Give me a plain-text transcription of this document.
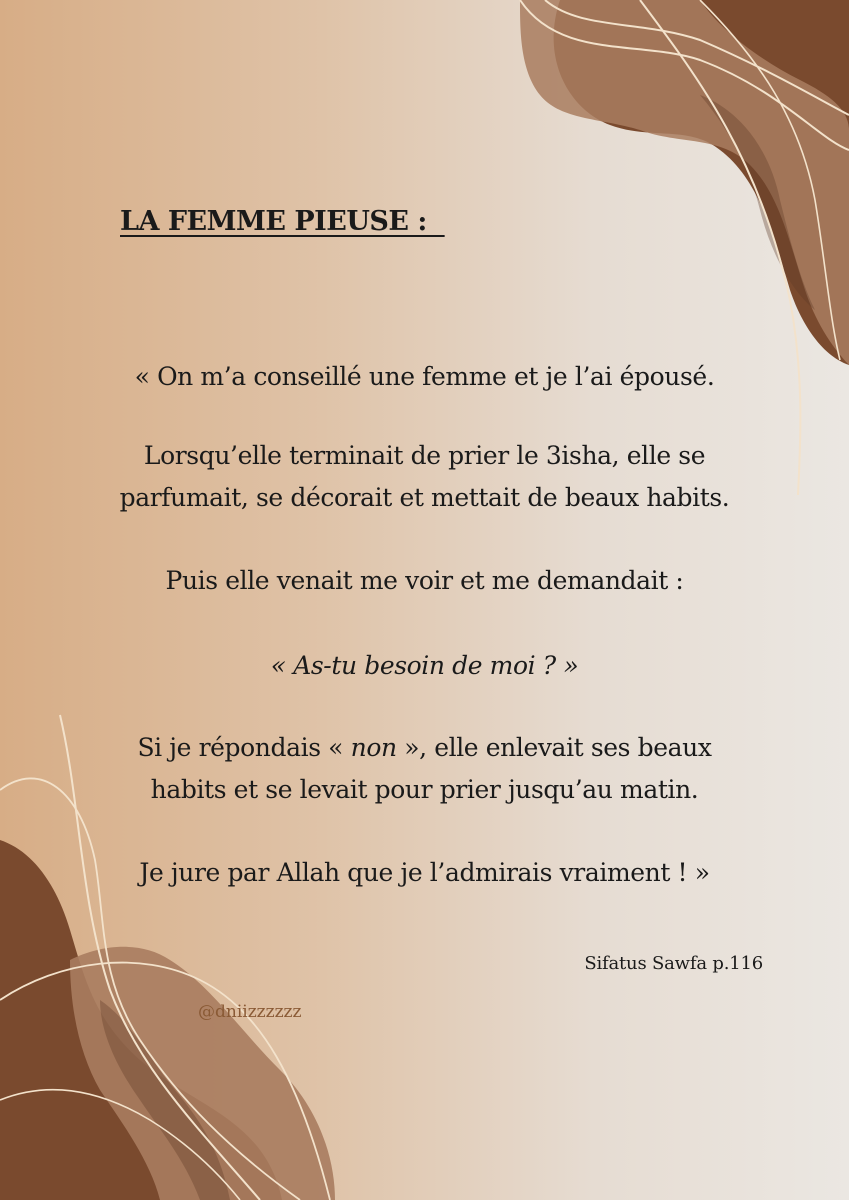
LA FEMME PIEUSE :
« On m’a conseillé une femme et je l’ai épousé.
Lorsqu’elle terminait de prier le 3isha, elle se
parfumait, se décorait et mettait de beaux habits.
Puis elle venait me voir et me demandait :
« As-tu besoin de moi ? »
Si je répondais « non », elle enlevait ses beaux
habits et se levait pour prier jusqu’au matin.
Je jure par Allah que je l’admirais vraiment ! »
Sifatus Sawfa p.116
@dniizzzzzz
